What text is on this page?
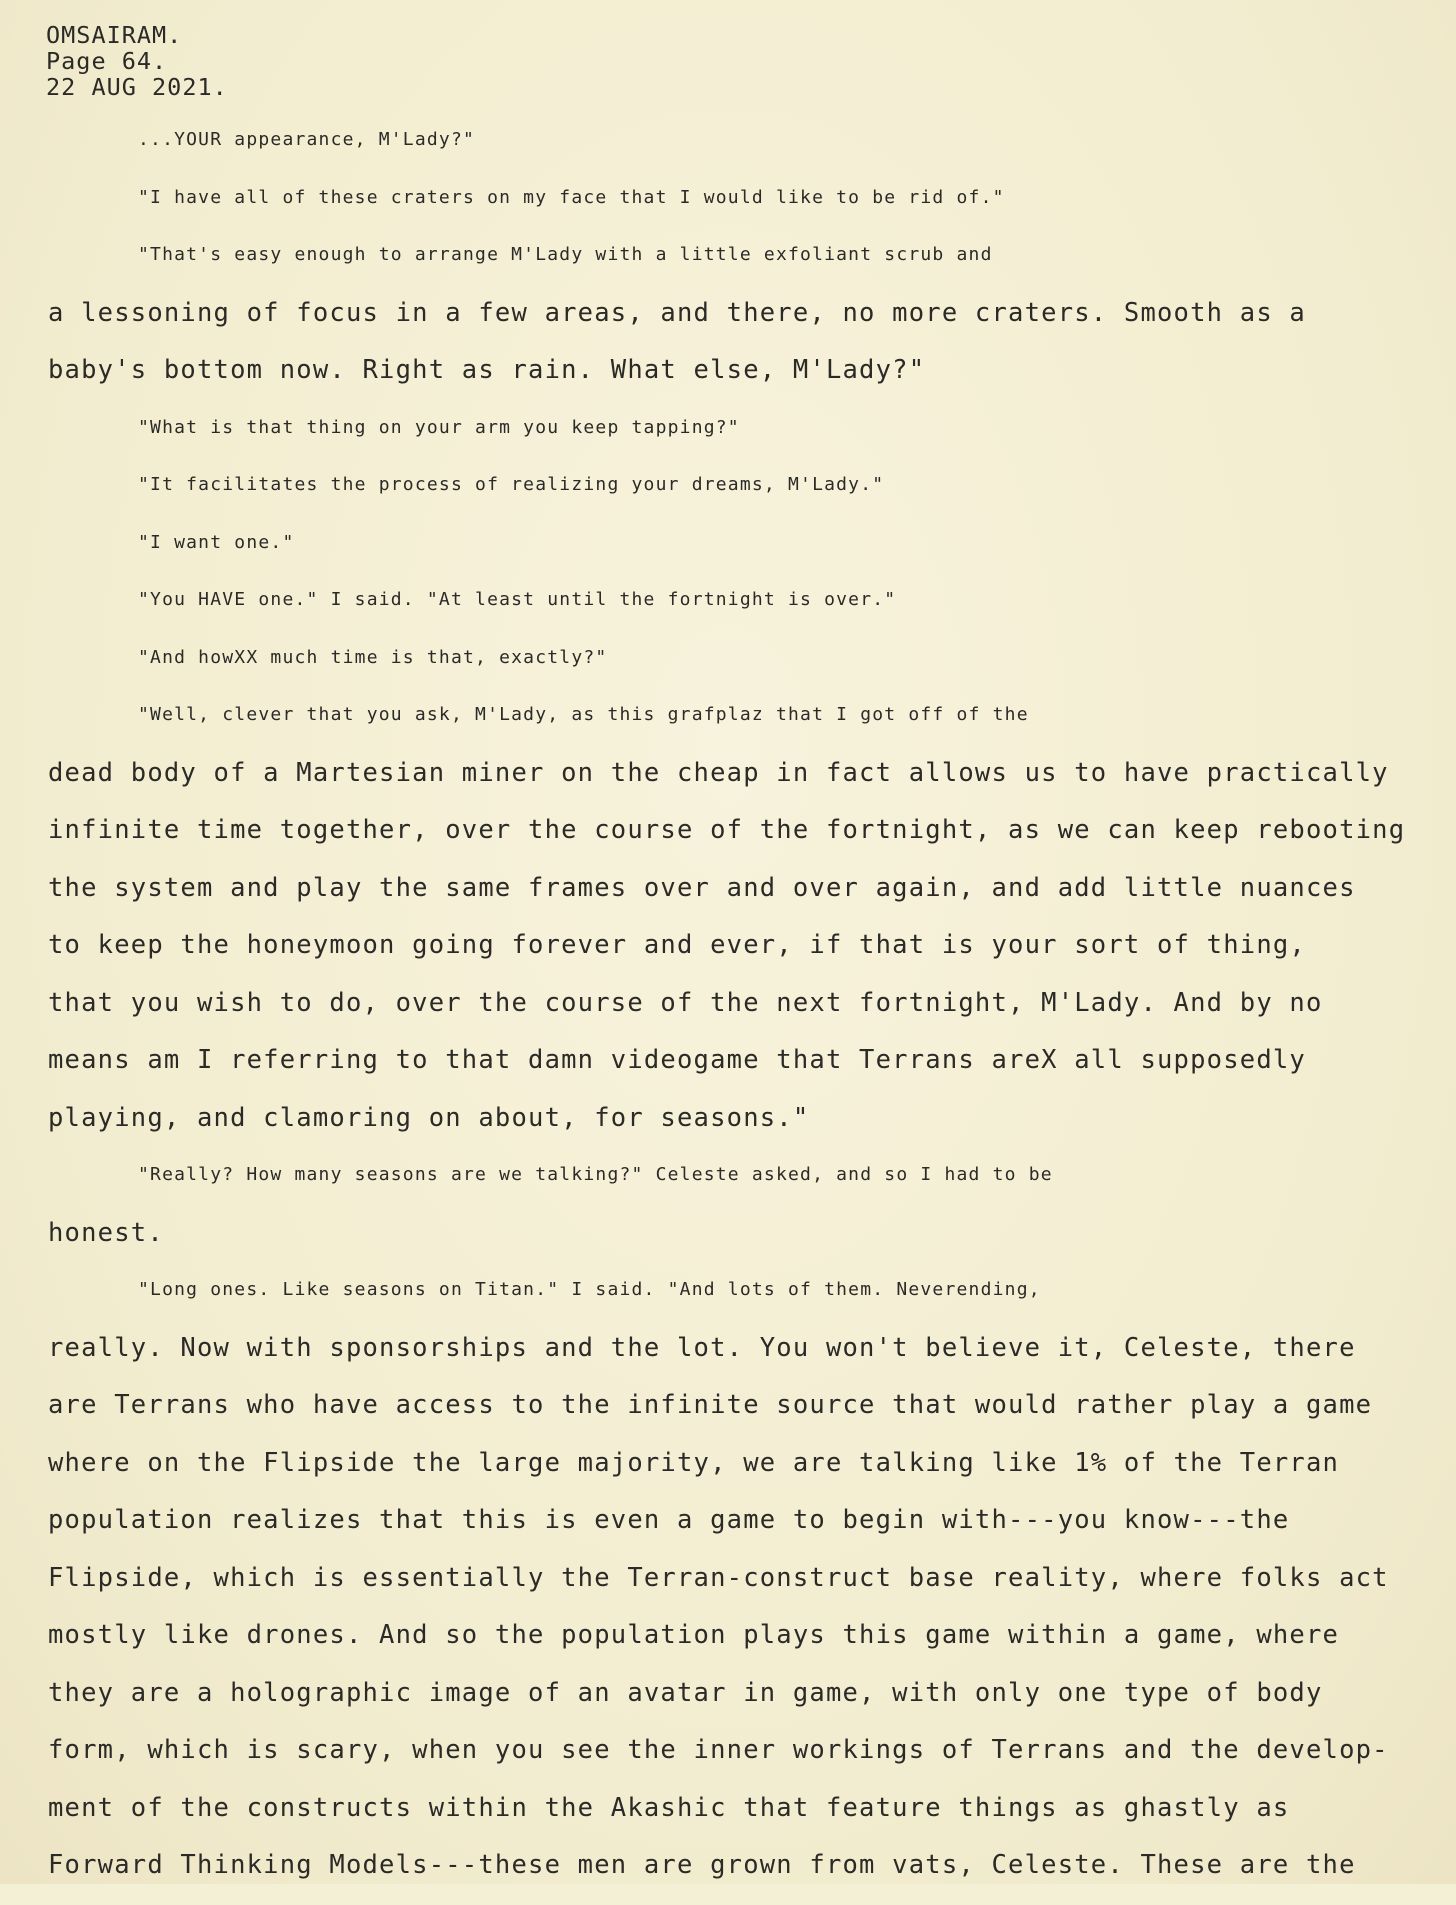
OMSAIRAM.
Page 64.
22 AUG 2021.
...YOUR appearance, M'Lady?"
"I have all of these craters on my face that I would like to be rid of."
"That's easy enough to arrange M'Lady with a little exfoliant scrub and
a lessoning of focus in a few areas, and there, no more craters. Smooth as a
baby's bottom now. Right as rain. What else, M'Lady?"
"What is that thing on your arm you keep tapping?"
"It facilitates the process of realizing your dreams, M'Lady."
"I want one."
"You HAVE one." I said. "At least until the fortnight is over."
"And howXX much time is that, exactly?"
"Well, clever that you ask, M'Lady, as this grafplaz that I got off of the
dead body of a Martesian miner on the cheap in fact allows us to have practically
infinite time together, over the course of the fortnight, as we can keep rebooting
the system and play the same frames over and over again, and add little nuances
to keep the honeymoon going forever and ever, if that is your sort of thing,
that you wish to do, over the course of the next fortnight, M'Lady. And by no
means am I referring to that damn videogame that Terrans areX all supposedly
playing, and clamoring on about, for seasons."
"Really? How many seasons are we talking?" Celeste asked, and so I had to be
honest.
"Long ones. Like seasons on Titan." I said. "And lots of them. Neverending,
really. Now with sponsorships and the lot. You won't believe it, Celeste, there
are Terrans who have access to the infinite source that would rather play a game
where on the Flipside the large majority, we are talking like 1% of the Terran
population realizes that this is even a game to begin with---you know---the
Flipside, which is essentially the Terran-construct base reality, where folks act
mostly like drones. And so the population plays this game within a game, where
they are a holographic image of an avatar in game, with only one type of body
form, which is scary, when you see the inner workings of Terrans and the develop-
ment of the constructs within the Akashic that feature things as ghastly as
Forward Thinking Models---these men are grown from vats, Celeste. These are the
